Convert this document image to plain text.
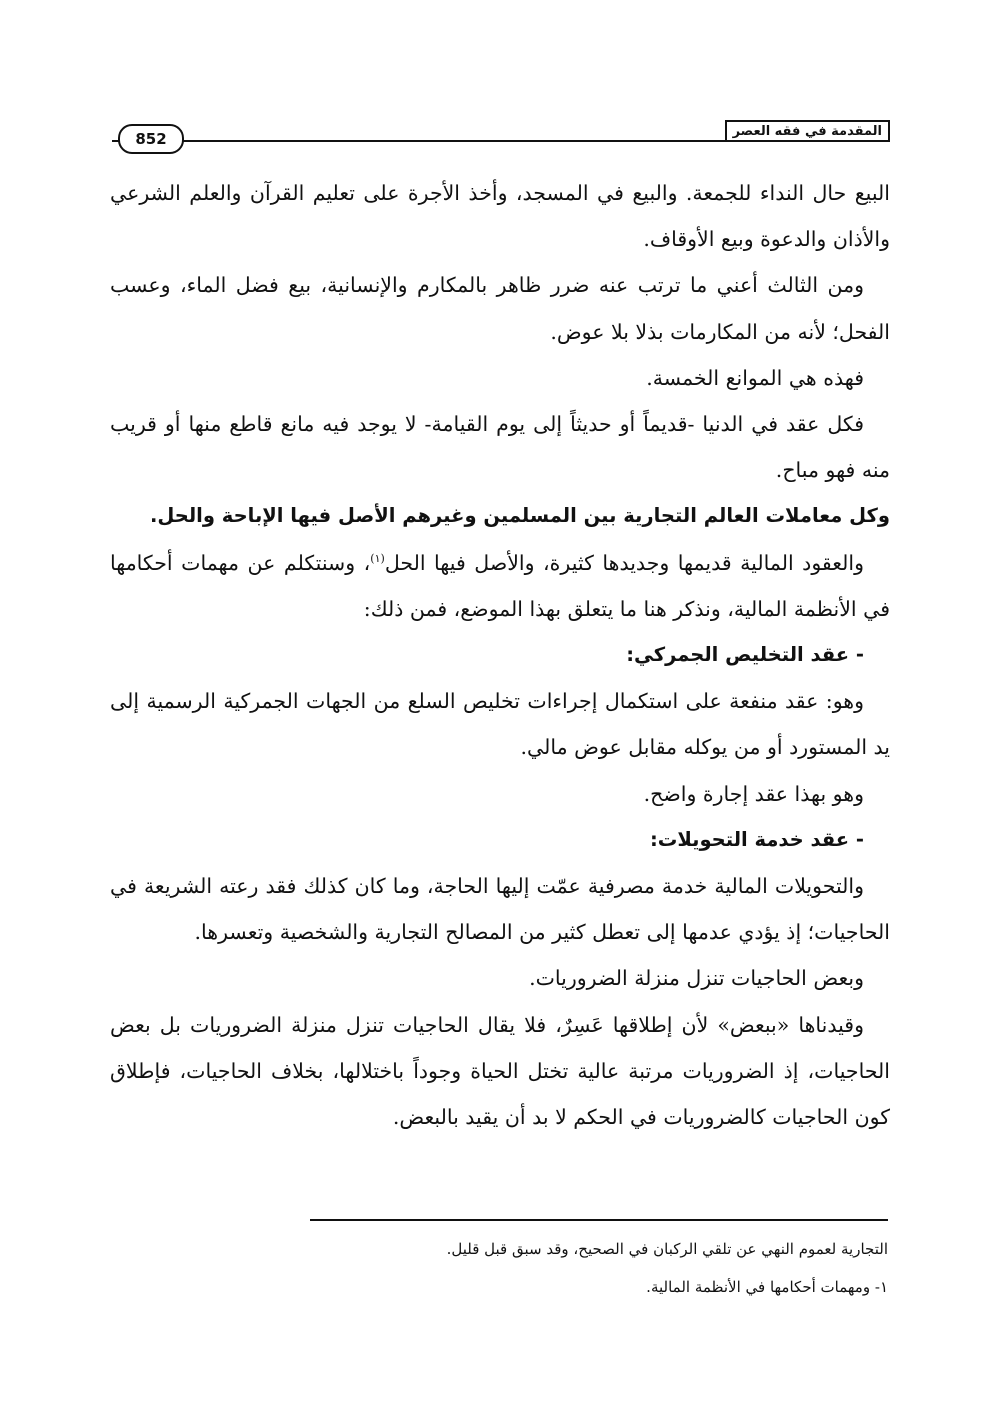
المقدمة في فقه العصر
852

البيع حال النداء للجمعة. والبيع في المسجد، وأخذ الأجرة على تعليم القرآن والعلم الشرعي والأذان والدعوة وبيع الأوقاف.

ومن الثالث أعني ما ترتب عنه ضرر ظاهر بالمكارم والإنسانية، بيع فضل الماء، وعسب الفحل؛ لأنه من المكارمات بذلا بلا عوض.

فهذه هي الموانع الخمسة.

فكل عقد في الدنيا -قديماً أو حديثاً إلى يوم القيامة- لا يوجد فيه مانع قاطع منها أو قريب منه فهو مباح.

وكل معاملات العالم التجارية بين المسلمين وغيرهم الأصل فيها الإباحة والحل.

والعقود المالية قديمها وجديدها كثيرة، والأصل فيها الحل$^{(١)}$، وسنتكلم عن مهمات أحكامها في الأنظمة المالية، ونذكر هنا ما يتعلق بهذا الموضع، فمن ذلك:

- عقد التخليص الجمركي:

وهو: عقد منفعة على استكمال إجراءات تخليص السلع من الجهات الجمركية الرسمية إلى يد المستورد أو من يوكله مقابل عوض مالي.

وهو بهذا عقد إجارة واضح.

- عقد خدمة التحويلات:

والتحويلات المالية خدمة مصرفية عمّت إليها الحاجة، وما كان كذلك فقد رعته الشريعة في الحاجيات؛ إذ يؤدي عدمها إلى تعطل كثير من المصالح التجارية والشخصية وتعسرها.

وبعض الحاجيات تنزل منزلة الضروريات.

وقيدناها «ببعض» لأن إطلاقها عَسِرٌ، فلا يقال الحاجيات تنزل منزلة الضروريات بل بعض الحاجيات، إذ الضروريات مرتبة عالية تختل الحياة وجوداً باختلالها، بخلاف الحاجيات، فإطلاق كون الحاجيات كالضروريات في الحكم لا بد أن يقيد بالبعض.

التجارية لعموم النهي عن تلقي الركبان في الصحيح، وقد سبق قبل قليل.

١- ومهمات أحكامها في الأنظمة المالية.
